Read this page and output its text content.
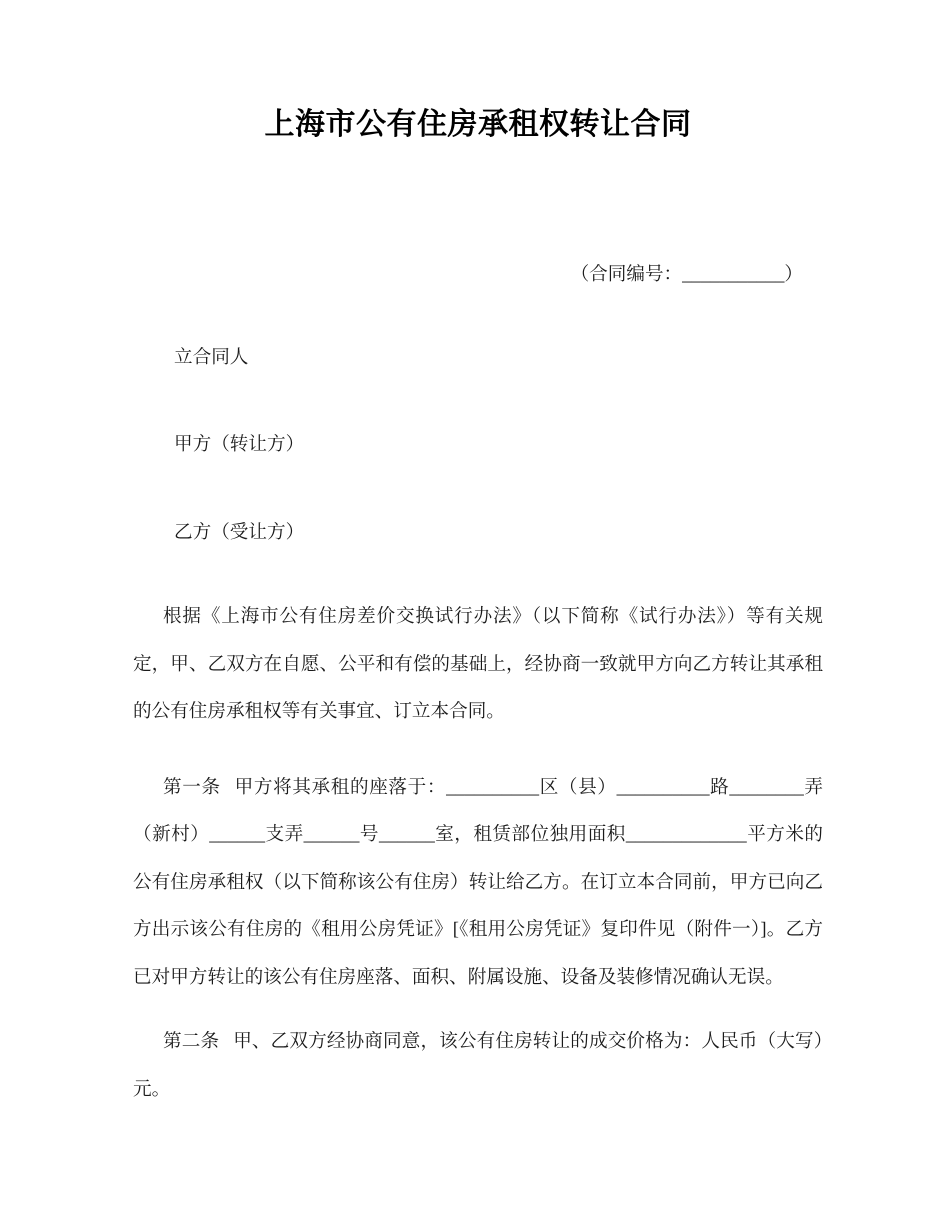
上海市公有住房承租权转让合同

（合同编号：___________）

立合同人

甲方（转让方）

乙方（受让方）

根据《上海市公有住房差价交换试行办法》（以下简称《试行办法》）等有关规定，甲、乙双方在自愿、公平和有偿的基础上，经协商一致就甲方向乙方转让其承租的公有住房承租权等有关事宜、订立本合同。

第一条 甲方将其承租的座落于：__________区（县）__________路________弄（新村）______支弄______号______室，租赁部位独用面积_____________平方米的公有住房承租权（以下简称该公有住房）转让给乙方。在订立本合同前，甲方已向乙方出示该公有住房的《租用公房凭证》[《租用公房凭证》复印件见（附件一）]。乙方已对甲方转让的该公有住房座落、面积、附属设施、设备及装修情况确认无误。

第二条 甲、乙双方经协商同意，该公有住房转让的成交价格为：人民币（大写）元。
